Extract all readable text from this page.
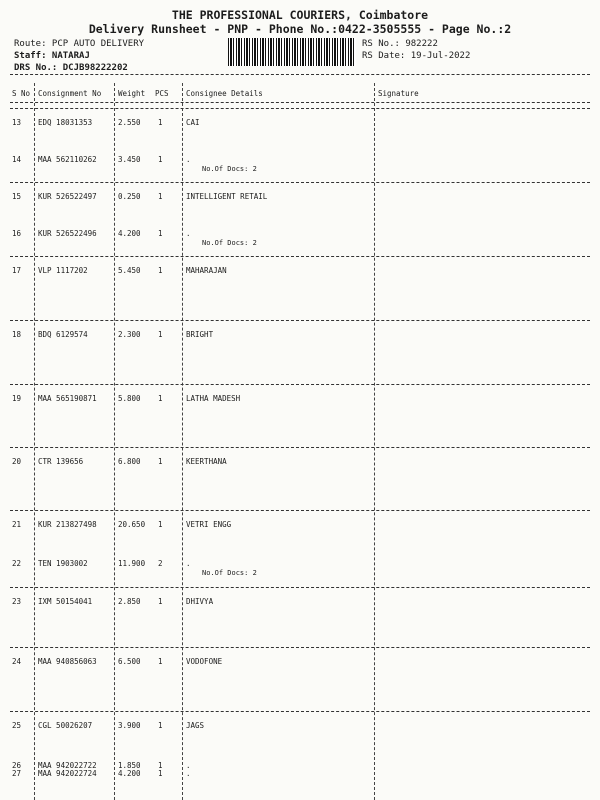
THE PROFESSIONAL COURIERS, Coimbatore
Delivery Runsheet - PNP - Phone No.:0422-3505555 - Page No.:2
Route: PCP AUTO DELIVERY
Staff: NATARAJ
DRS No.: DCJB98222202
RS No.: 982222
RS Date: 19-Jul-2022
S No Consignment No Weight PCS Consignee Details	Signature
13 EDQ 18031353	2.550 1	CAI
14 MAA 562110262	3.450 1	.
No.Of Docs: 2
15 KUR 526522497	0.250 1	INTELLIGENT RETAIL
16 KUR 526522496	4.200 1	.
No.Of Docs: 2
17 VLP 1117202	5.450 1	MAHARAJAN
18 BDQ 6129574	2.300 1	BRIGHT
19 MAA 565190871	5.800 1	LATHA MADESH
20 CTR 139656	6.800 1	KEERTHANA
21 KUR 213827498	20.650 1	VETRI ENGG
22 TEN 1903002	11.900 2	.
No.Of Docs: 2
23 IXM 50154041	2.850 1	DHIVYA
24 MAA 940856063	6.500 1	VODOFONE
25 CGL 50026207	3.900 1	JAGS
26 MAA 942022722	1.850 1	.
27 MAA 942022724	4.200 1	.
